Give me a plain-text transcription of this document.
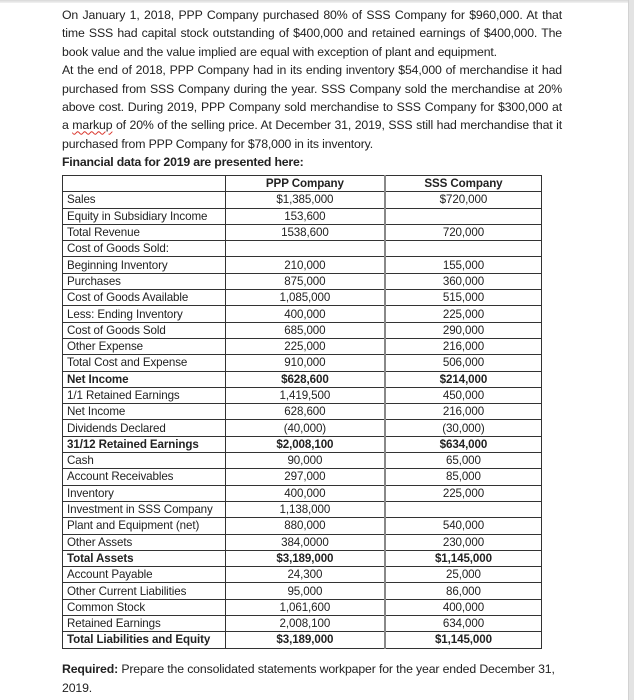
On January 1, 2018, PPP Company purchased 80% of SSS Company for $960,000. At that time SSS had capital stock outstanding of $400,000 and retained earnings of $400,000. The book value and the value implied are equal with exception of plant and equipment.

At the end of 2018, PPP Company had in its ending inventory $54,000 of merchandise it had purchased from SSS Company during the year. SSS Company sold the merchandise at 20% above cost. During 2019, PPP Company sold merchandise to SSS Company for $300,000 at a markup of 20% of the selling price. At December 31, 2019, SSS still had merchandise that it purchased from PPP Company for $78,000 in its inventory.

Financial data for 2019 are presented here:

	PPP Company	SSS Company
Sales	$1,385,000	$720,000
Equity in Subsidiary Income	153,600	
Total Revenue	1538,600	720,000
Cost of Goods Sold:		
Beginning Inventory	210,000	155,000
Purchases	875,000	360,000
Cost of Goods Available	1,085,000	515,000
Less: Ending Inventory	400,000	225,000
Cost of Goods Sold	685,000	290,000
Other Expense	225,000	216,000
Total Cost and Expense	910,000	506,000
Net Income	$628,600	$214,000
1/1 Retained Earnings	1,419,500	450,000
Net Income	628,600	216,000
Dividends Declared	(40,000)	(30,000)
31/12 Retained Earnings	$2,008,100	$634,000
Cash	90,000	65,000
Account Receivables	297,000	85,000
Inventory	400,000	225,000
Investment in SSS Company	1,138,000	
Plant and Equipment (net)	880,000	540,000
Other Assets	384,0000	230,000
Total Assets	$3,189,000	$1,145,000
Account Payable	24,300	25,000
Other Current Liabilities	95,000	86,000
Common Stock	1,061,600	400,000
Retained Earnings	2,008,100	634,000
Total Liabilities and Equity	$3,189,000	$1,145,000

Required: Prepare the consolidated statements workpaper for the year ended December 31, 2019.
